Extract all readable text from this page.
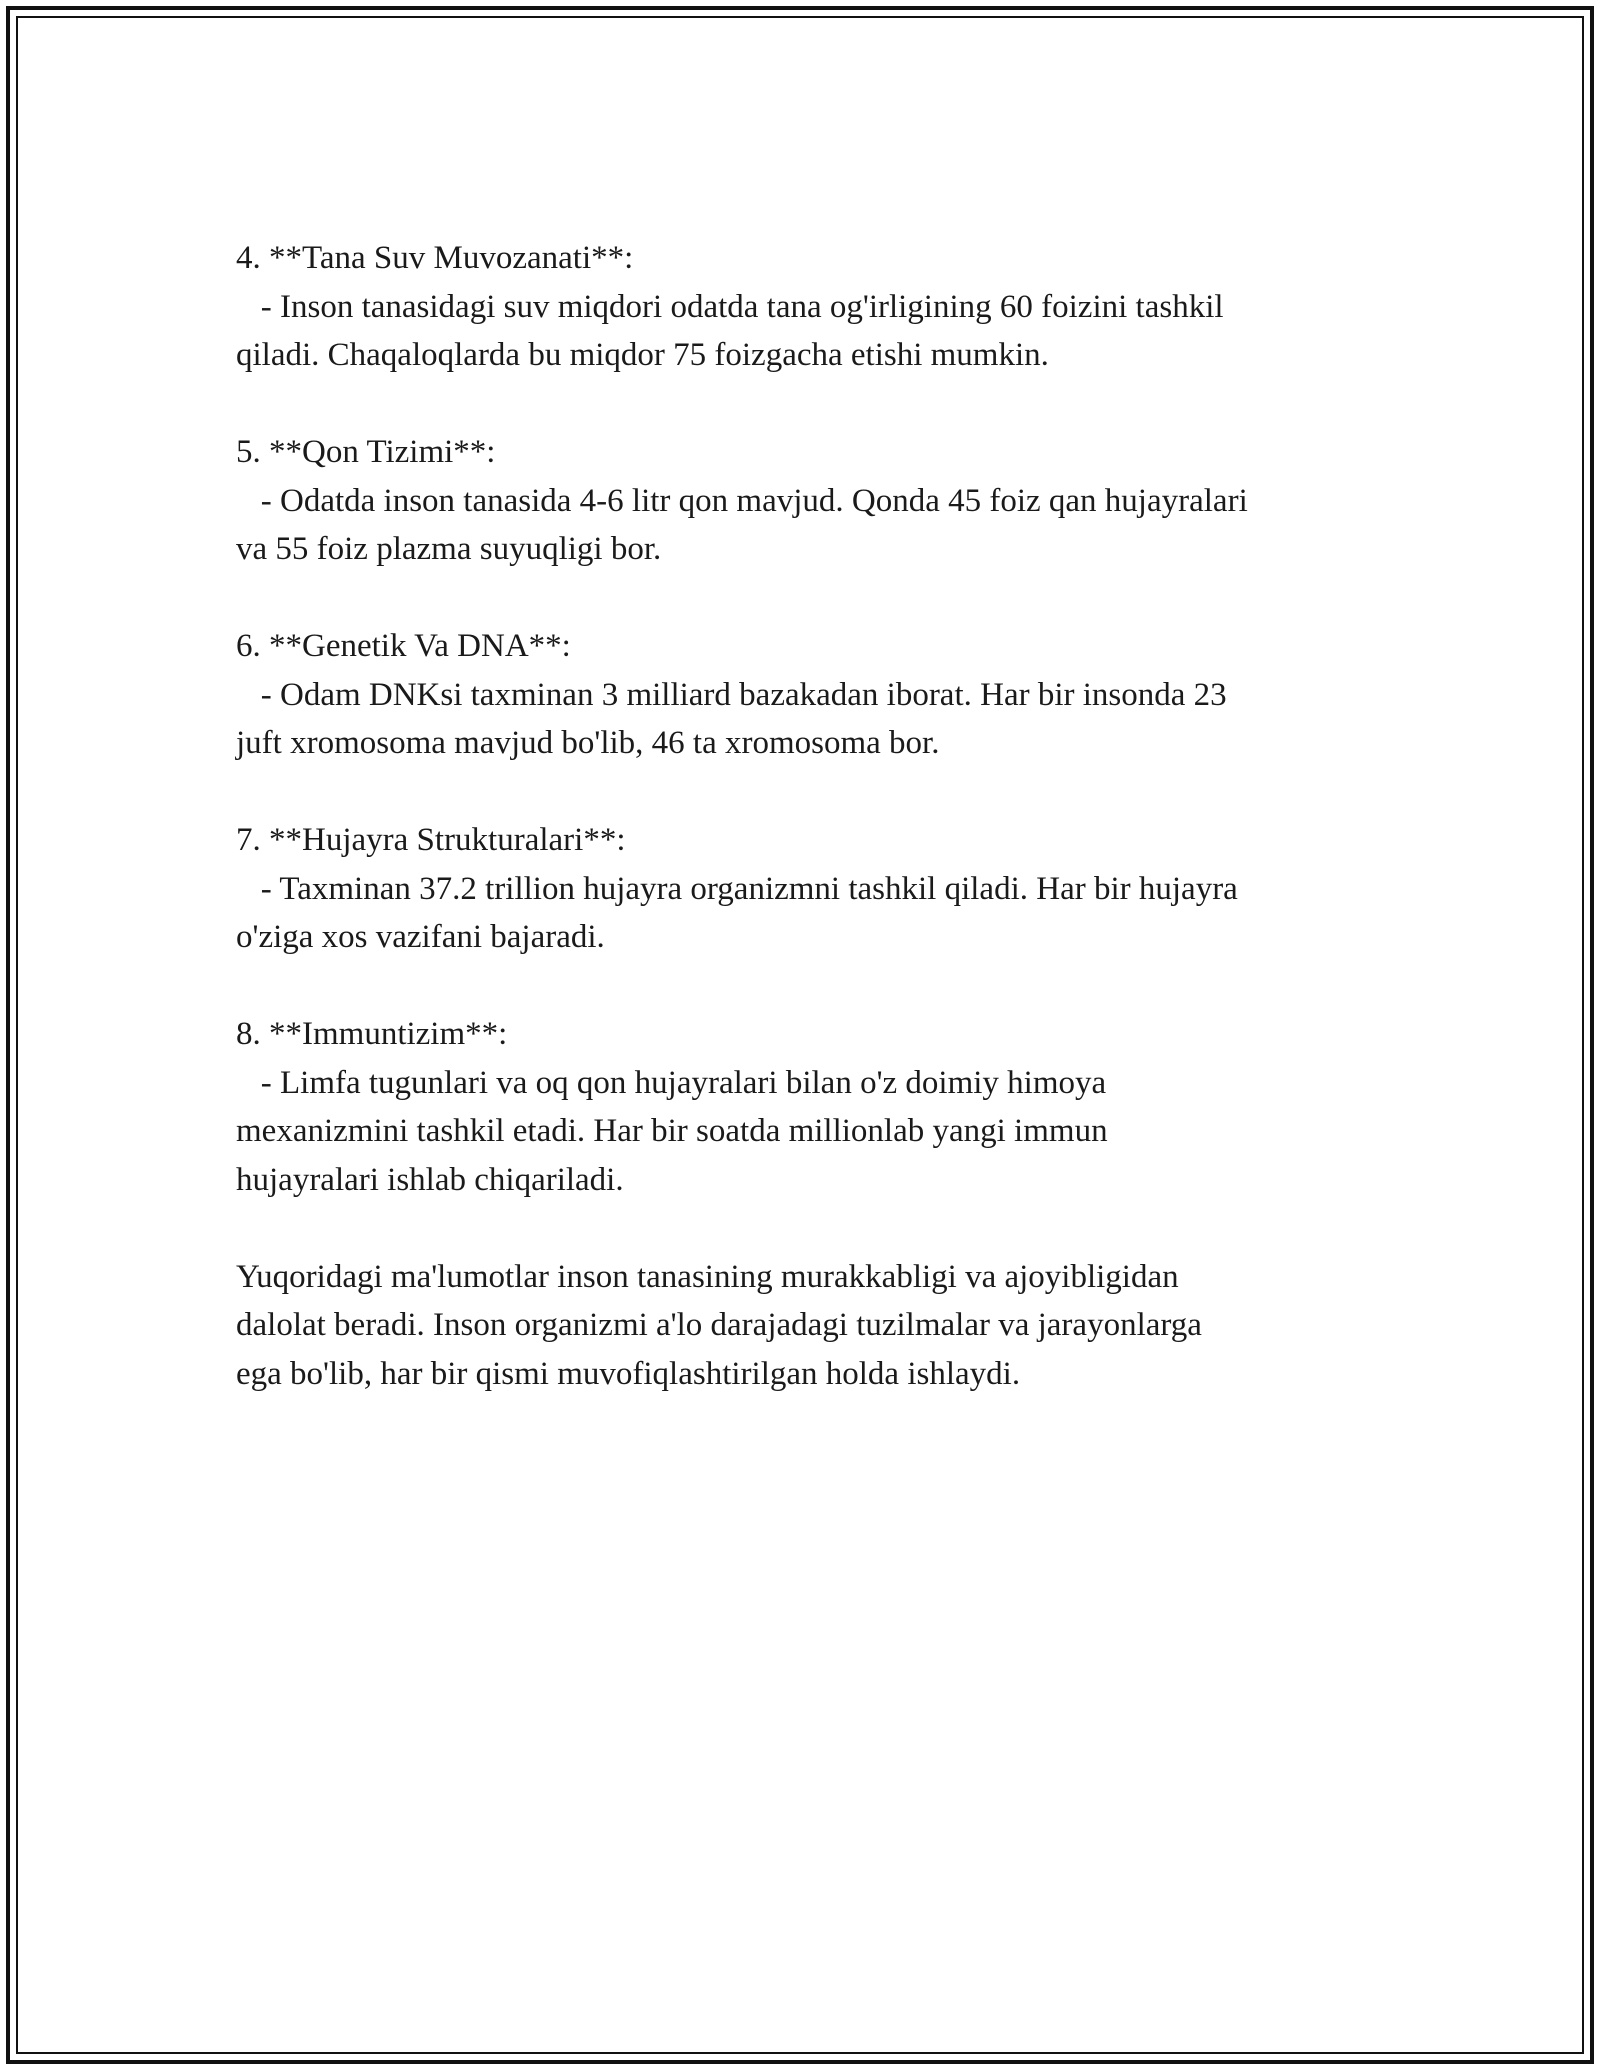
4. **Tana Suv Muvozanati**:
- Inson tanasidagi suv miqdori odatda tana og'irligining 60 foizini tashkil
qiladi. Chaqaloqlarda bu miqdor 75 foizgacha etishi mumkin.
5. **Qon Tizimi**:
- Odatda inson tanasida 4-6 litr qon mavjud. Qonda 45 foiz qan hujayralari
va 55 foiz plazma suyuqligi bor.
6. **Genetik Va DNA**:
- Odam DNKsi taxminan 3 milliard bazakadan iborat. Har bir insonda 23
juft xromosoma mavjud bo'lib, 46 ta xromosoma bor.
7. **Hujayra Strukturalari**:
- Taxminan 37.2 trillion hujayra organizmni tashkil qiladi. Har bir hujayra
o'ziga xos vazifani bajaradi.
8. **Immuntizim**:
- Limfa tugunlari va oq qon hujayralari bilan o'z doimiy himoya
mexanizmini tashkil etadi. Har bir soatda millionlab yangi immun
hujayralari ishlab chiqariladi.
Yuqoridagi ma'lumotlar inson tanasining murakkabligi va ajoyibligidan
dalolat beradi. Inson organizmi a'lo darajadagi tuzilmalar va jarayonlarga
ega bo'lib, har bir qismi muvofiqlashtirilgan holda ishlaydi.
